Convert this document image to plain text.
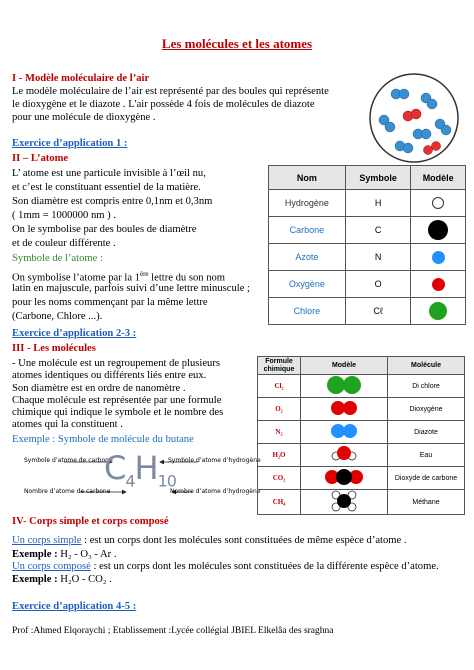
Les molécules et les atomes
I - Modèle moléculaire de l’air
Le modèle moléculaire de l’air est représenté par des boules qui représente
le dioxygène et le diazote . L'air possède 4 fois de molécules de diazote
pour une molécule de dioxygène .
Exercice d’application 1 :
II – L’atome
L’ atome est une particule invisible à l’œil nu,
et c’est le constituant essentiel de la matière.
Son diamètre est compris entre 0,1nm et 0,3nm
( 1mm = 1000000 nm ) .
On le symbolise par des boules de diamètre
et de couleur différente .
Symbole de l’atome :
On symbolise l’atome par la 1ère lettre du son nom
latin en majuscule, parfois suivi d’une lettre minuscule ;
pour les noms commençant par la même lettre
(Carbone, Chlore ...).
Nom	Symbole	Modèle
Hydrogène	H	
Carbone	C	
Azote	N	
Oxygène	O	
Chlore	Cℓ	
Exercice d’application 2-3 :
III - Les molécules
- Une molécule est un regroupement de plusieurs
atomes identiques ou différents liés entre eux.
Son diamètre est en ordre de nanomètre .
Chaque molécule est représentée par une formule
chimique qui indique le symbole et le nombre des
atomes qui la constituent .
Exemple : Symbole de molécule du butane
Symbole d’atome de carbone	Symbole d’atome d’hydrogène
Nombre d’atome de carbone	Nombre d’atome d’hydrogène
$C_4H_{10}$
Formule chimique	Modèle	Molécule
Cl₂		Di chlore
O₂		Dioxygène
N₂		Diazote
H₂O		Eau
CO₂		Dioxyde de carbone
CH₄		Méthane
IV- Corps simple et corps composé
Un corps simple : est un corps dont les molécules sont constituées de même espèce d’atome .
Exemple : H₂ - O₃ - Ar .
Un corps composé : est un corps dont les molécules sont constituées de la différente espèce d’atome.
Exemple : H₂O - CO₂ .
Exercice d’application 4-5 :
Prof :Ahmed Elqoraychi ; Etablissement :Lycée collégial JBIEL Elkelâa des sraghna
